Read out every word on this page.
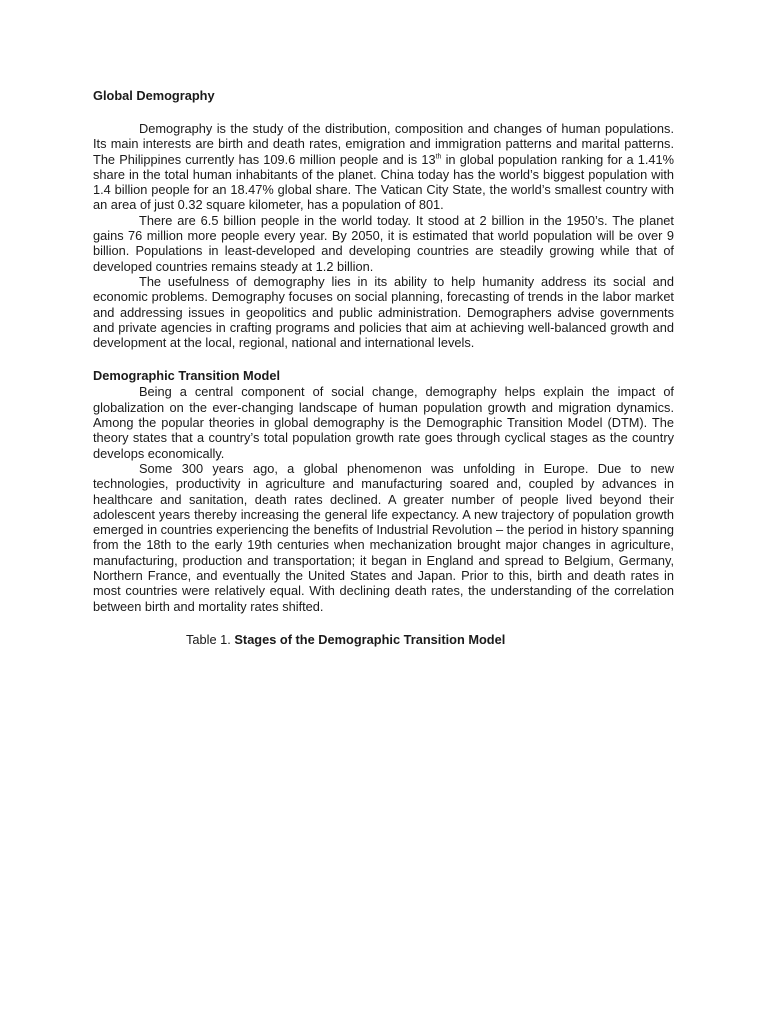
Global Demography

Demography is the study of the distribution, composition and changes of human populations. Its main interests are birth and death rates, emigration and immigration patterns and marital patterns. The Philippines currently has 109.6 million people and is 13th in global population ranking for a 1.41% share in the total human inhabitants of the planet. China today has the world’s biggest population with 1.4 billion people for an 18.47% global share. The Vatican City State, the world’s smallest country with an area of just 0.32 square kilometer, has a population of 801.

There are 6.5 billion people in the world today. It stood at 2 billion in the 1950’s. The planet gains 76 million more people every year. By 2050, it is estimated that world population will be over 9 billion. Populations in least-developed and developing countries are steadily growing while that of developed countries remains steady at 1.2 billion.

The usefulness of demography lies in its ability to help humanity address its social and economic problems. Demography focuses on social planning, forecasting of trends in the labor market and addressing issues in geopolitics and public administration. Demographers advise governments and private agencies in crafting programs and policies that aim at achieving well-balanced growth and development at the local, regional, national and international levels.

Demographic Transition Model

Being a central component of social change, demography helps explain the impact of globalization on the ever-changing landscape of human population growth and migration dynamics. Among the popular theories in global demography is the Demographic Transition Model (DTM). The theory states that a country’s total population growth rate goes through cyclical stages as the country develops economically.

Some 300 years ago, a global phenomenon was unfolding in Europe. Due to new technologies, productivity in agriculture and manufacturing soared and, coupled by advances in healthcare and sanitation, death rates declined. A greater number of people lived beyond their adolescent years thereby increasing the general life expectancy. A new trajectory of population growth emerged in countries experiencing the benefits of Industrial Revolution – the period in history spanning from the 18th to the early 19th centuries when mechanization brought major changes in agriculture, manufacturing, production and transportation; it began in England and spread to Belgium, Germany, Northern France, and eventually the United States and Japan. Prior to this, birth and death rates in most countries were relatively equal. With declining death rates, the understanding of the correlation between birth and mortality rates shifted.

Table 1. Stages of the Demographic Transition Model
